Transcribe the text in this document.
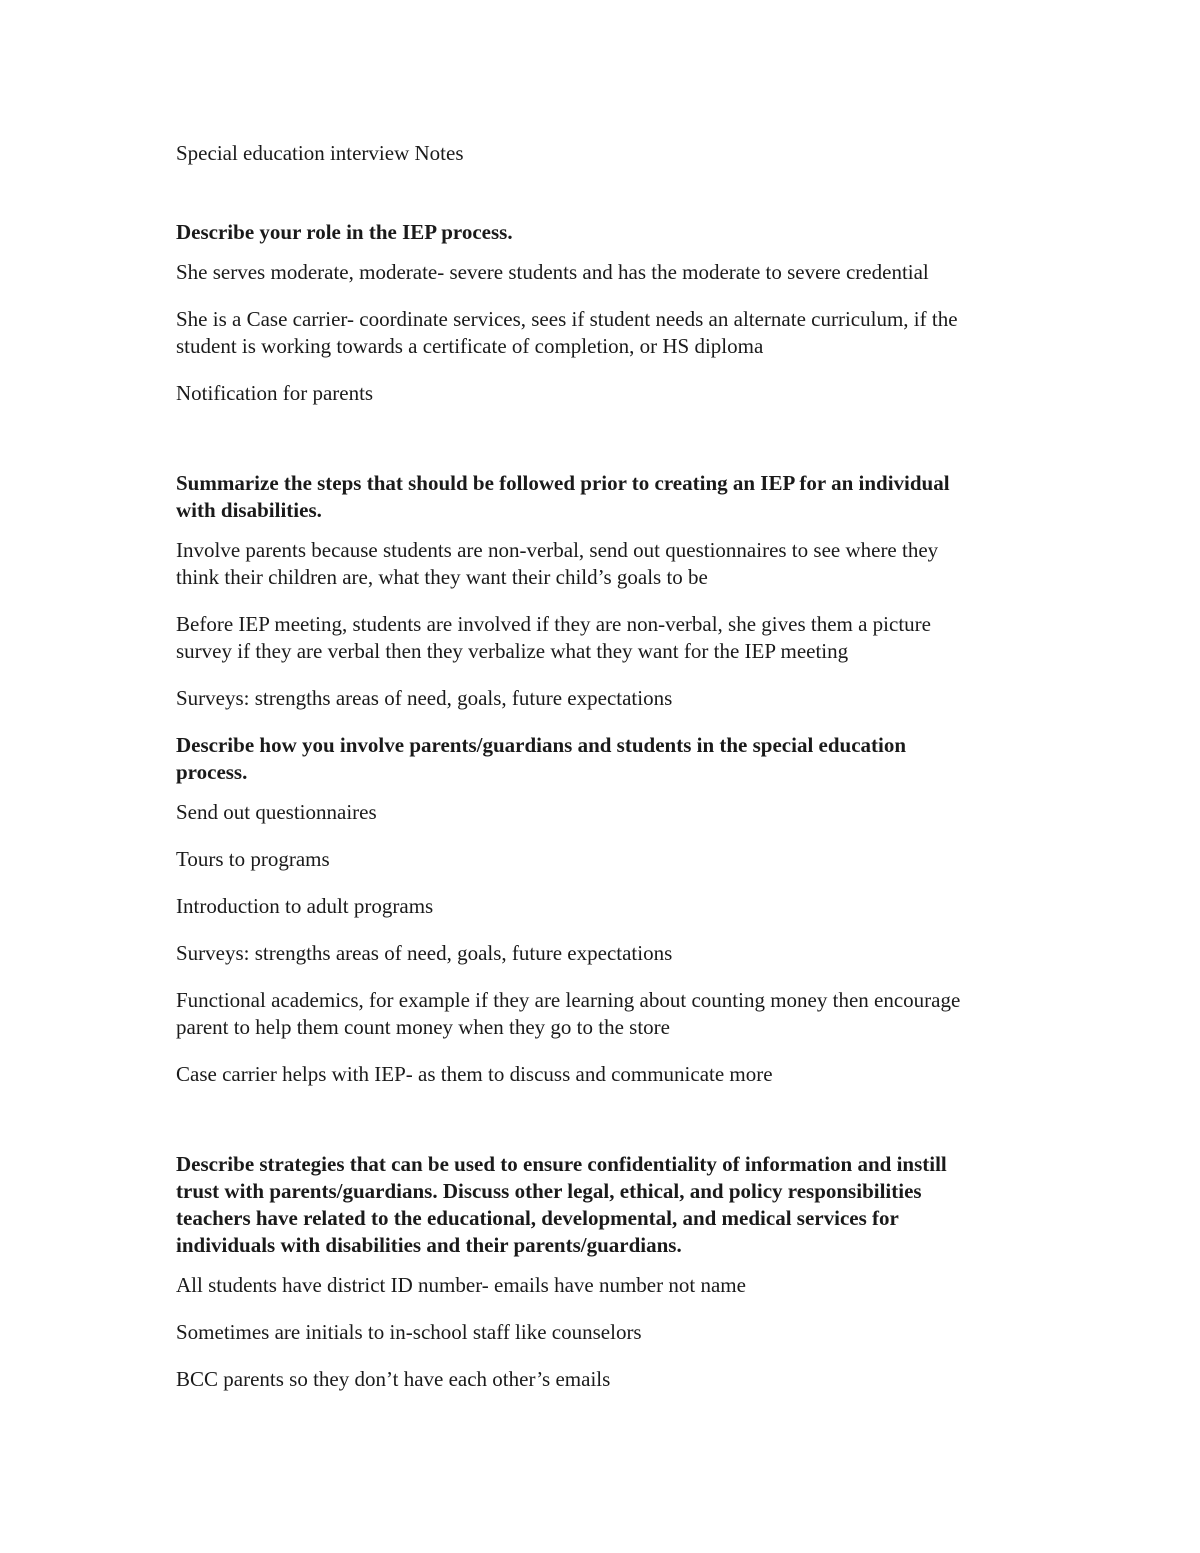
Special education interview Notes

Describe your role in the IEP process.

She serves moderate, moderate- severe students and has the moderate to severe credential

She is a Case carrier- coordinate services, sees if student needs an alternate curriculum, if the
student is working towards a certificate of completion, or HS diploma

Notification for parents

Summarize the steps that should be followed prior to creating an IEP for an individual
with disabilities.

Involve parents because students are non-verbal, send out questionnaires to see where they
think their children are, what they want their child’s goals to be

Before IEP meeting, students are involved if they are non-verbal, she gives them a picture
survey if they are verbal then they verbalize what they want for the IEP meeting

Surveys: strengths areas of need, goals, future expectations

Describe how you involve parents/guardians and students in the special education
process.

Send out questionnaires

Tours to programs

Introduction to adult programs

Surveys: strengths areas of need, goals, future expectations

Functional academics, for example if they are learning about counting money then encourage
parent to help them count money when they go to the store

Case carrier helps with IEP- as them to discuss and communicate more

Describe strategies that can be used to ensure confidentiality of information and instill
trust with parents/guardians. Discuss other legal, ethical, and policy responsibilities
teachers have related to the educational, developmental, and medical services for
individuals with disabilities and their parents/guardians.

All students have district ID number- emails have number not name

Sometimes are initials to in-school staff like counselors

BCC parents so they don’t have each other’s emails
